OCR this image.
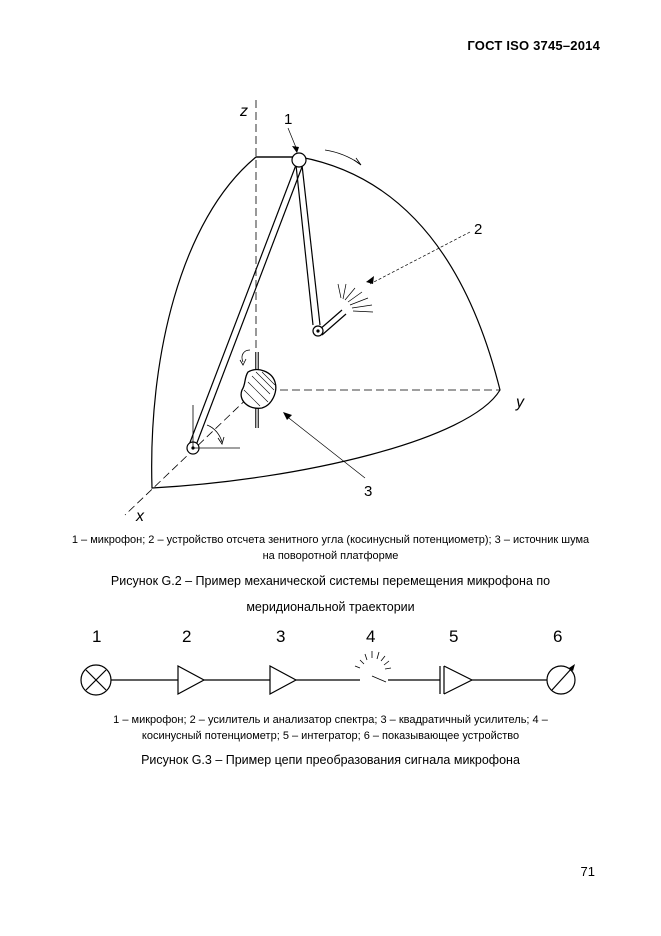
ГОСТ ISO 3745–2014
z
y
x
1
2
3
1 – микрофон; 2 – устройство отсчета зенитного угла (косинусный потенциометр); 3 – источник шума на поворотной платформе
Рисунок G.2 – Пример механической системы перемещения микрофона по
меридиональной траектории
1	2	3	4	5	6
1 – микрофон; 2 – усилитель и анализатор спектра; 3 – квадратичный усилитель; 4 –
косинусный потенциометр; 5 – интегратор; 6 – показывающее устройство
Рисунок G.3 – Пример цепи преобразования сигнала микрофона
71
